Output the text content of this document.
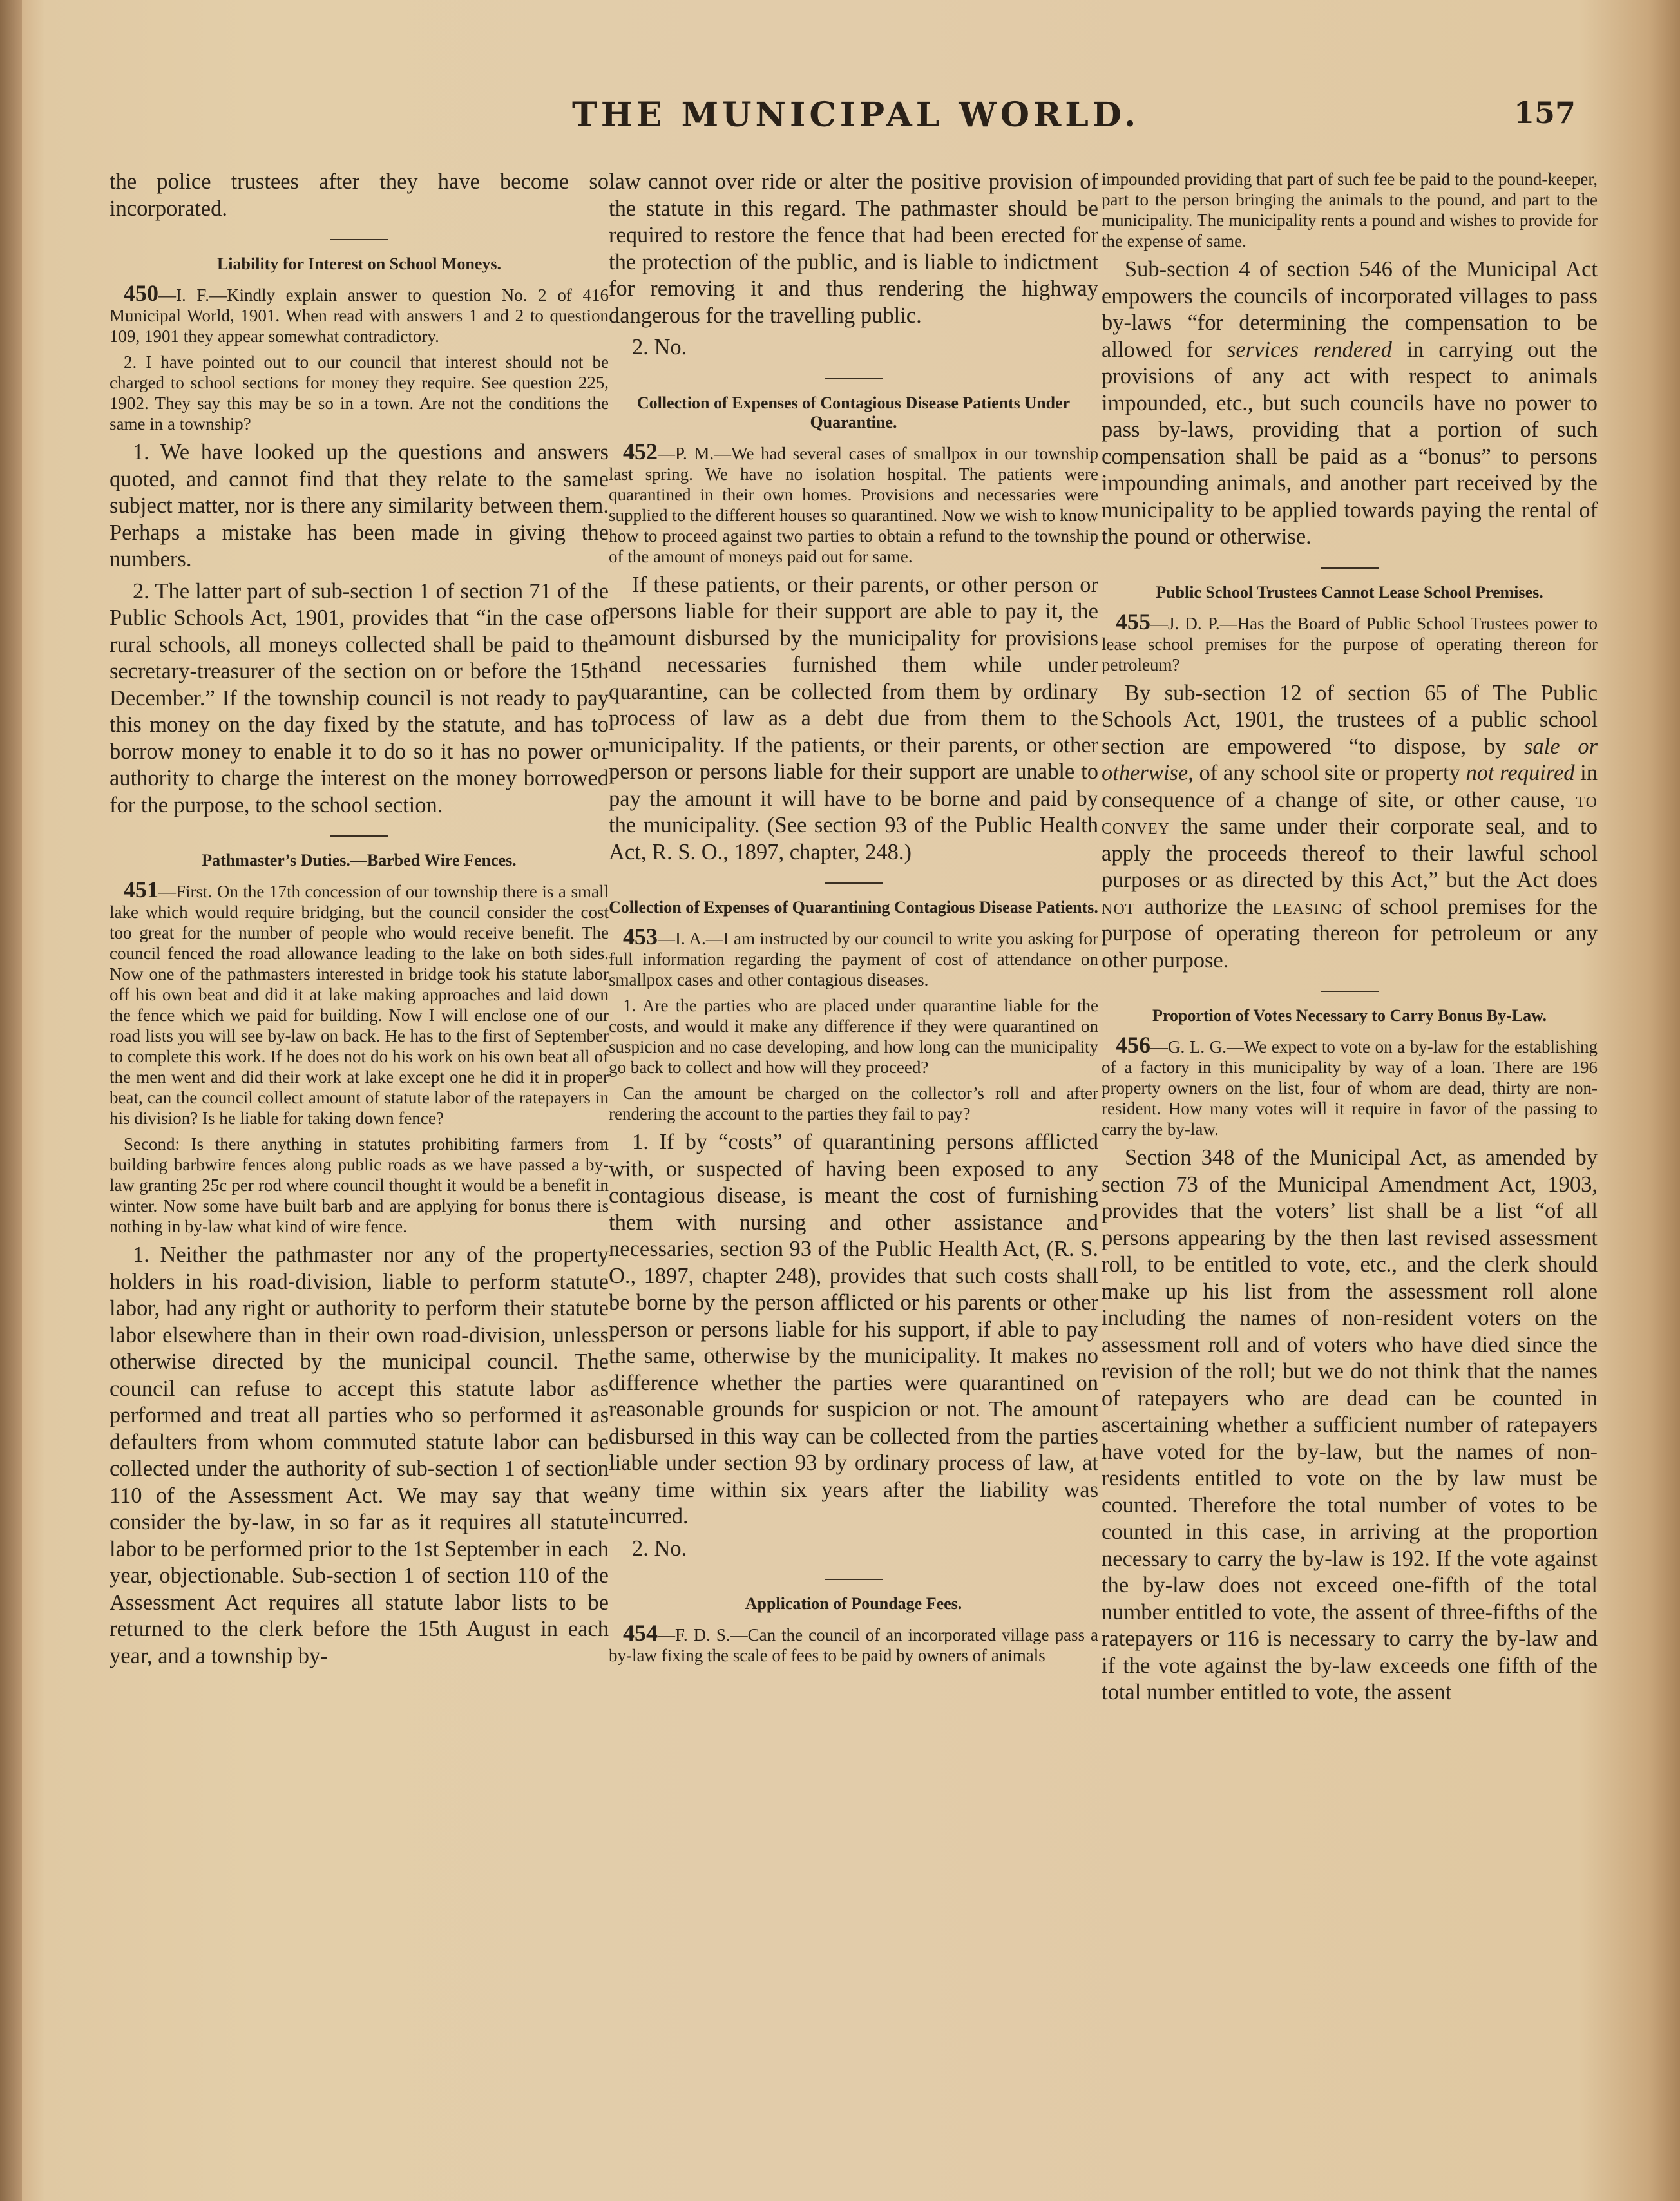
THE MUNICIPAL WORLD.	157

the police trustees after they have become so incorporated.

Liability for Interest on School Moneys.

450—I. F.—Kindly explain answer to question No. 2 of 416 Municipal World, 1901. When read with answers 1 and 2 to question 109, 1901 they appear somewhat contradictory.

2. I have pointed out to our council that interest should not be charged to school sections for money they require. See question 225, 1902. They say this may be so in a town. Are not the conditions the same in a township?

1. We have looked up the questions and answers quoted, and cannot find that they relate to the same subject matter, nor is there any similarity between them. Perhaps a mistake has been made in giving the numbers.

2. The latter part of sub-section 1 of section 71 of the Public Schools Act, 1901, provides that “in the case of rural schools, all moneys collected shall be paid to the secretary-treasurer of the section on or before the 15th December.” If the township council is not ready to pay this money on the day fixed by the statute, and has to borrow money to enable it to do so it has no power or authority to charge the interest on the money borrowed for the purpose, to the school section.

Pathmaster’s Duties.—Barbed Wire Fences.

451—First. On the 17th concession of our township there is a small lake which would require bridging, but the council consider the cost too great for the number of people who would receive benefit. The council fenced the road allowance leading to the lake on both sides. Now one of the pathmasters interested in bridge took his statute labor off his own beat and did it at lake making approaches and laid down the fence which we paid for building. Now I will enclose one of our road lists you will see by-law on back. He has to the first of September to complete this work. If he does not do his work on his own beat all of the men went and did their work at lake except one he did it in proper beat, can the council collect amount of statute labor of the ratepayers in his division? Is he liable for taking down fence?

Second: Is there anything in statutes prohibiting farmers from building barbwire fences along public roads as we have passed a by-law granting 25c per rod where council thought it would be a benefit in winter. Now some have built barb and are applying for bonus there is nothing in by-law what kind of wire fence.

1. Neither the pathmaster nor any of the property holders in his road-division, liable to perform statute labor, had any right or authority to perform their statute labor elsewhere than in their own road-division, unless otherwise directed by the municipal council. The council can refuse to accept this statute labor as performed and treat all parties who so performed it as defaulters from whom commuted statute labor can be collected under the authority of sub-section 1 of section 110 of the Assessment Act. We may say that we consider the by-law, in so far as it requires all statute labor to be performed prior to the 1st September in each year, objectionable. Sub-section 1 of section 110 of the Assessment Act requires all statute labor lists to be returned to the clerk before the 15th August in each year, and a township by-

law cannot over ride or alter the positive provision of the statute in this regard. The pathmaster should be required to restore the fence that had been erected for the protection of the public, and is liable to indictment for removing it and thus rendering the highway dangerous for the travelling public.

2. No.

Collection of Expenses of Contagious Disease Patients Under Quarantine.

452—P. M.—We had several cases of smallpox in our township last spring. We have no isolation hospital. The patients were quarantined in their own homes. Provisions and necessaries were supplied to the different houses so quarantined. Now we wish to know how to proceed against two parties to obtain a refund to the township of the amount of moneys paid out for same.

If these patients, or their parents, or other person or persons liable for their support are able to pay it, the amount disbursed by the municipality for provisions and necessaries furnished them while under quarantine, can be collected from them by ordinary process of law as a debt due from them to the municipality. If the patients, or their parents, or other person or persons liable for their support are unable to pay the amount it will have to be borne and paid by the municipality. (See section 93 of the Public Health Act, R. S. O., 1897, chapter, 248.)

Collection of Expenses of Quarantining Contagious Disease Patients.

453—I. A.—I am instructed by our council to write you asking for full information regarding the payment of cost of attendance on smallpox cases and other contagious diseases.

1. Are the parties who are placed under quarantine liable for the costs, and would it make any difference if they were quarantined on suspicion and no case developing, and how long can the municipality go back to collect and how will they proceed?

Can the amount be charged on the collector’s roll and after rendering the account to the parties they fail to pay?

1. If by “costs” of quarantining persons afflicted with, or suspected of having been exposed to any contagious disease, is meant the cost of furnishing them with nursing and other assistance and necessaries, section 93 of the Public Health Act, (R. S. O., 1897, chapter 248), provides that such costs shall be borne by the person afflicted or his parents or other person or persons liable for his support, if able to pay the same, otherwise by the municipality. It makes no difference whether the parties were quarantined on reasonable grounds for suspicion or not. The amount disbursed in this way can be collected from the parties liable under section 93 by ordinary process of law, at any time within six years after the liability was incurred.

2. No.

Application of Poundage Fees.

454—F. D. S.—Can the council of an incorporated village pass a by-law fixing the scale of fees to be paid by owners of animals

impounded providing that part of such fee be paid to the pound-keeper, part to the person bringing the animals to the pound, and part to the municipality. The municipality rents a pound and wishes to provide for the expense of same.

Sub-section 4 of section 546 of the Municipal Act empowers the councils of incorporated villages to pass by-laws “for determining the compensation to be allowed for services rendered in carrying out the provisions of any act with respect to animals impounded, etc., but such councils have no power to pass by-laws, providing that a portion of such compensation shall be paid as a “bonus” to persons impounding animals, and another part received by the municipality to be applied towards paying the rental of the pound or otherwise.

Public School Trustees Cannot Lease School Premises.

455—J. D. P.—Has the Board of Public School Trustees power to lease school premises for the purpose of operating thereon for petroleum?

By sub-section 12 of section 65 of The Public Schools Act, 1901, the trustees of a public school section are empowered “to dispose, by sale or otherwise, of any school site or property not required in consequence of a change of site, or other cause, to convey the same under their corporate seal, and to apply the proceeds thereof to their lawful school purposes or as directed by this Act,” but the Act does not authorize the leasing of school premises for the purpose of operating thereon for petroleum or any other purpose.

Proportion of Votes Necessary to Carry Bonus By-Law.

456—G. L. G.—We expect to vote on a by-law for the establishing of a factory in this municipality by way of a loan. There are 196 property owners on the list, four of whom are dead, thirty are non-resident. How many votes will it require in favor of the passing to carry the by-law.

Section 348 of the Municipal Act, as amended by section 73 of the Municipal Amendment Act, 1903, provides that the voters’ list shall be a list “of all persons appearing by the then last revised assessment roll, to be entitled to vote, etc., and the clerk should make up his list from the assessment roll alone including the names of non-resident voters on the assessment roll and of voters who have died since the revision of the roll; but we do not think that the names of ratepayers who are dead can be counted in ascertaining whether a sufficient number of ratepayers have voted for the by-law, but the names of non-residents entitled to vote on the by law must be counted. Therefore the total number of votes to be counted in this case, in arriving at the proportion necessary to carry the by-law is 192. If the vote against the by-law does not exceed one-fifth of the total number entitled to vote, the assent of three-fifths of the ratepayers or 116 is necessary to carry the by-law and if the vote against the by-law exceeds one fifth of the total number entitled to vote, the assent
